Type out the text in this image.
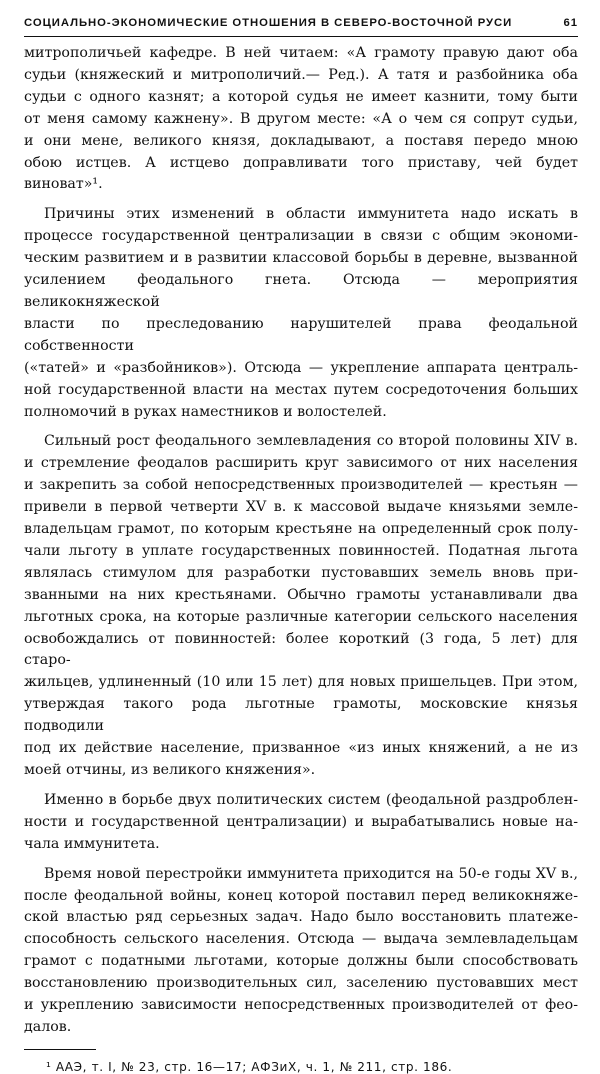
СОЦИАЛЬНО-ЭКОНОМИЧЕСКИЕ ОТНОШЕНИЯ В СЕВЕРО-ВОСТОЧНОЙ РУСИ	61

митрополичьей кафедре. В ней читаем: «А грамоту правую дают оба
судьи (княжеский и митрополичий.— Ред.). А татя и разбойника оба
судьи с одного казнят; а которой судья не имеет казнити, тому быти
от меня самому кажнену». В другом месте: «А о чем ся сопрут судьи,
и они мене, великого князя, докладывают, а поставя передо мною
обою истцев. А истцево доправливати того приставу, чей будет
виноват»¹.

Причины этих изменений в области иммунитета надо искать в
процессе государственной централизации в связи с общим экономи-
ческим развитием и в развитии классовой борьбы в деревне, вызванной
усилением феодального гнета. Отсюда — мероприятия великокняжеской
власти по преследованию нарушителей права феодальной собственности
(«татей» и «разбойников»). Отсюда — укрепление аппарата централь-
ной государственной власти на местах путем сосредоточения больших
полномочий в руках наместников и волостелей.

Сильный рост феодального землевладения со второй половины XIV в.
и стремление феодалов расширить круг зависимого от них населения
и закрепить за собой непосредственных производителей — крестьян —
привели в первой четверти XV в. к массовой выдаче князьями земле-
владельцам грамот, по которым крестьяне на определенный срок полу-
чали льготу в уплате государственных повинностей. Податная льгота
являлась стимулом для разработки пустовавших земель вновь при-
званными на них крестьянами. Обычно грамоты устанавливали два
льготных срока, на которые различные категории сельского населения
освобождались от повинностей: более короткий (3 года, 5 лет) для старо-
жильцев, удлиненный (10 или 15 лет) для новых пришельцев. При этом,
утверждая такого рода льготные грамоты, московские князья подводили
под их действие население, призванное «из иных княжений, а не из
моей отчины, из великого княжения».

Именно в борьбе двух политических систем (феодальной раздроблен-
ности и государственной централизации) и вырабатывались новые на-
чала иммунитета.

Время новой перестройки иммунитета приходится на 50-е годы XV в.,
после феодальной войны, конец которой поставил перед великокняже-
ской властью ряд серьезных задач. Надо было восстановить платеже-
способность сельского населения. Отсюда — выдача землевладельцам
грамот с податными льготами, которые должны были способствовать
восстановлению производительных сил, заселению пустовавших мест
и укреплению зависимости непосредственных производителей от фео-
далов.

¹ ААЭ, т. I, № 23, стр. 16—17; АФЗиХ, ч. 1, № 211, стр. 186.
